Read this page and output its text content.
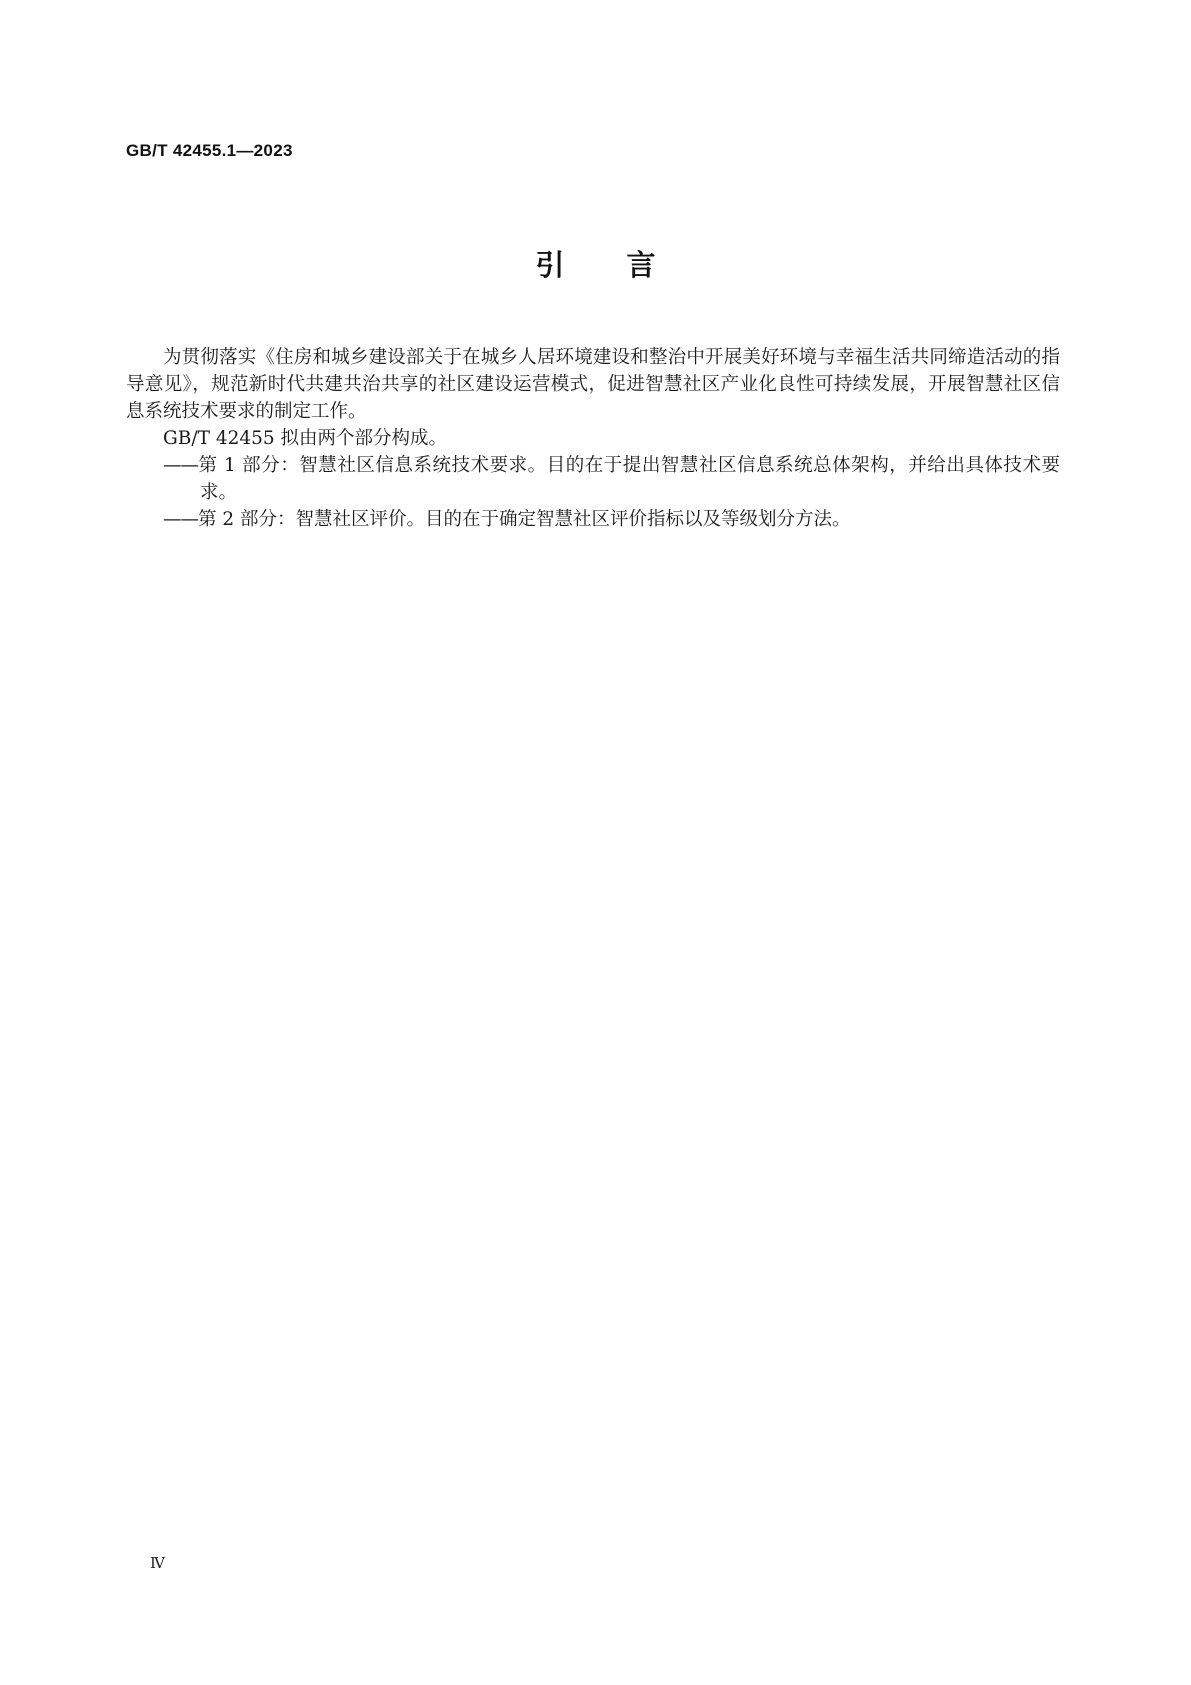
GB/T 42455.1—2023
引言

为贯彻落实《住房和城乡建设部关于在城乡人居环境建设和整治中开展美好环境与幸福生活共同缔造活动的指导意见》，规范新时代共建共治共享的社区建设运营模式，促进智慧社区产业化良性可持续发展，开展智慧社区信息系统技术要求的制定工作。

GB/T 42455 拟由两个部分构成。

——第 1 部分：智慧社区信息系统技术要求。目的在于提出智慧社区信息系统总体架构，并给出具体技术要求。

——第 2 部分：智慧社区评价。目的在于确定智慧社区评价指标以及等级划分方法。

Ⅳ
